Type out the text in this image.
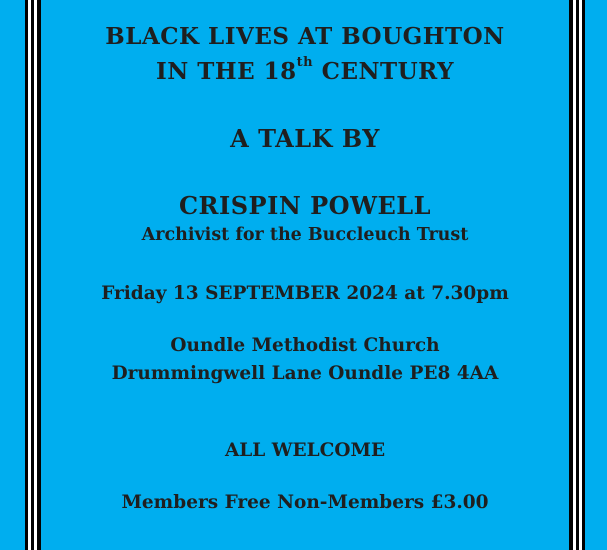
BLACK LIVES AT BOUGHTON
IN THE 18th CENTURY
A TALK BY
CRISPIN POWELL
Archivist for the Buccleuch Trust
Friday 13 SEPTEMBER 2024 at 7.30pm
Oundle Methodist Church
Drummingwell Lane Oundle PE8 4AA
ALL WELCOME
Members Free Non-Members £3.00
